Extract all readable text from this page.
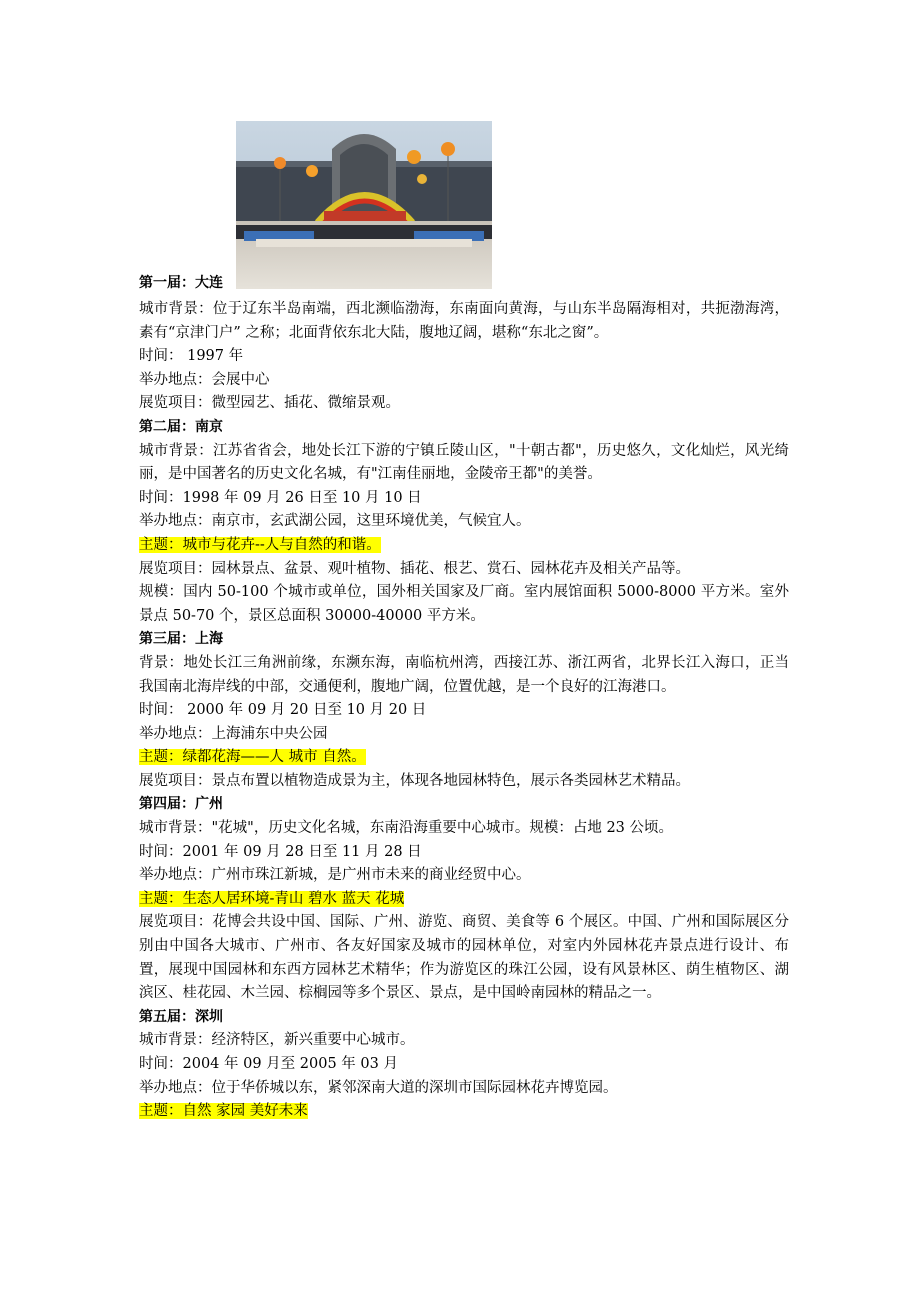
第一届：大连

城市背景：位于辽东半岛南端，西北濒临渤海，东南面向黄海，与山东半岛隔海相对，共扼渤海湾，素有“京津门户” 之称；北面背依东北大陆，腹地辽阔，堪称“东北之窗”。

时间： 1997 年

举办地点：会展中心

展览项目：微型园艺、插花、微缩景观。

第二届：南京

城市背景：江苏省省会，地处长江下游的宁镇丘陵山区，"十朝古都"，历史悠久，文化灿烂，风光绮丽，是中国著名的历史文化名城，有"江南佳丽地，金陵帝王都"的美誉。

时间：1998 年 09 月 26 日至 10 月 10 日

举办地点：南京市，玄武湖公园，这里环境优美，气候宜人。

主题：城市与花卉--人与自然的和谐。

展览项目：园林景点、盆景、观叶植物、插花、根艺、赏石、园林花卉及相关产品等。

规模：国内 50-100 个城市或单位，国外相关国家及厂商。室内展馆面积 5000-8000 平方米。室外景点 50-70 个，景区总面积 30000-40000 平方米。

第三届：上海

背景：地处长江三角洲前缘，东濒东海，南临杭州湾，西接江苏、浙江两省，北界长江入海口，正当我国南北海岸线的中部，交通便利，腹地广阔，位置优越，是一个良好的江海港口。

时间： 2000 年 09 月 20 日至 10 月 20 日

举办地点：上海浦东中央公园

主题：绿都花海——人 城市 自然。

展览项目：景点布置以植物造成景为主，体现各地园林特色，展示各类园林艺术精品。

第四届：广州

城市背景："花城"，历史文化名城，东南沿海重要中心城市。规模：占地 23 公顷。

时间：2001 年 09 月 28 日至 11 月 28 日

举办地点：广州市珠江新城，是广州市未来的商业经贸中心。

主题：生态人居环境-青山 碧水 蓝天 花城

展览项目：花博会共设中国、国际、广州、游览、商贸、美食等 6 个展区。中国、广州和国际展区分别由中国各大城市、广州市、各友好国家及城市的园林单位，对室内外园林花卉景点进行设计、布置，展现中国园林和东西方园林艺术精华；作为游览区的珠江公园，设有风景林区、荫生植物区、湖滨区、桂花园、木兰园、棕榈园等多个景区、景点，是中国岭南园林的精品之一。

第五届：深圳

城市背景：经济特区，新兴重要中心城市。

时间：2004 年 09 月至 2005 年 03 月

举办地点：位于华侨城以东，紧邻深南大道的深圳市国际园林花卉博览园。

主题：自然 家园 美好未来
